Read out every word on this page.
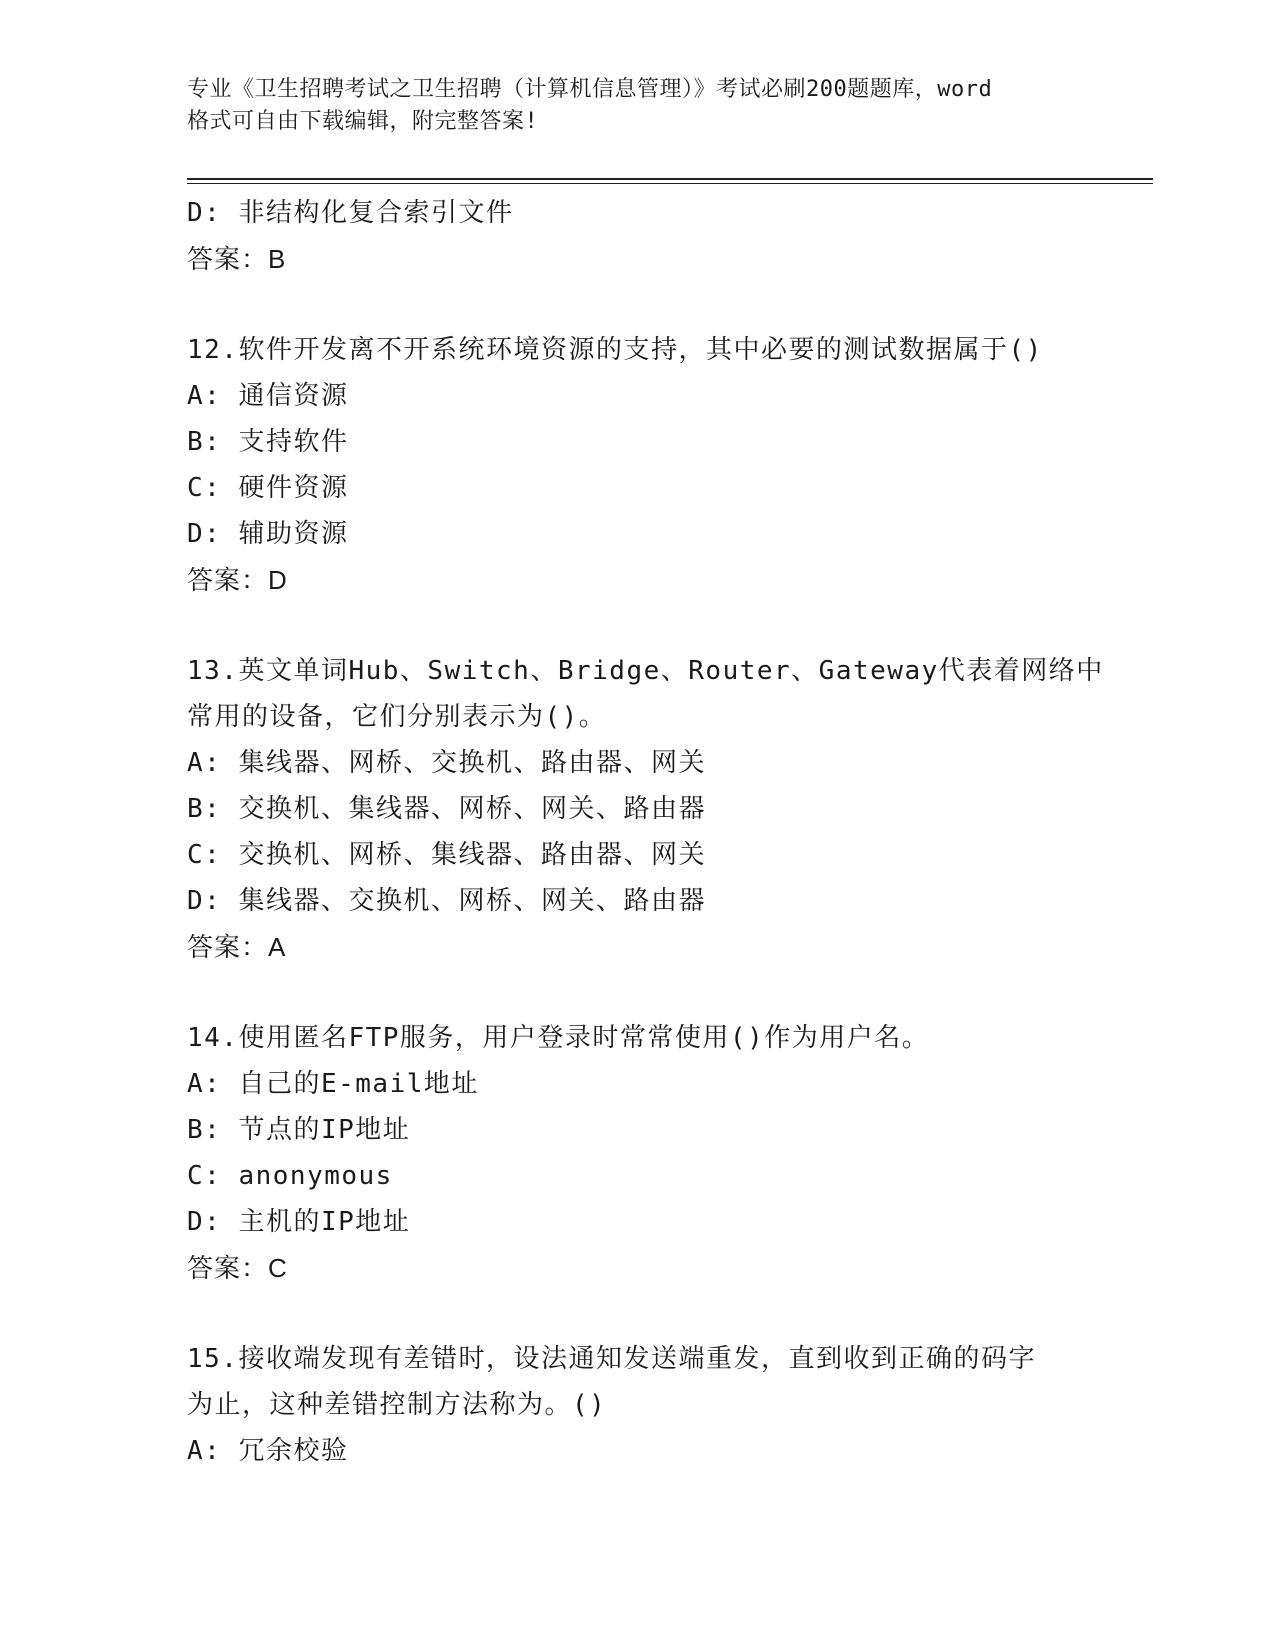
专业《卫生招聘考试之卫生招聘（计算机信息管理）》考试必刷200题题库，word
格式可自由下载编辑，附完整答案!
D: 非结构化复合索引文件
答案：B
12.软件开发离不开系统环境资源的支持，其中必要的测试数据属于()
A: 通信资源
B: 支持软件
C: 硬件资源
D: 辅助资源
答案：D
13.英文单词Hub、Switch、Bridge、Router、Gateway代表着网络中
常用的设备，它们分别表示为()。
A: 集线器、网桥、交换机、路由器、网关
B: 交换机、集线器、网桥、网关、路由器
C: 交换机、网桥、集线器、路由器、网关
D: 集线器、交换机、网桥、网关、路由器
答案：A
14.使用匿名FTP服务，用户登录时常常使用()作为用户名。
A: 自己的E-mail地址
B: 节点的IP地址
C: anonymous
D: 主机的IP地址
答案：C
15.接收端发现有差错时，设法通知发送端重发，直到收到正确的码字
为止，这种差错控制方法称为。()
A: 冗余校验
